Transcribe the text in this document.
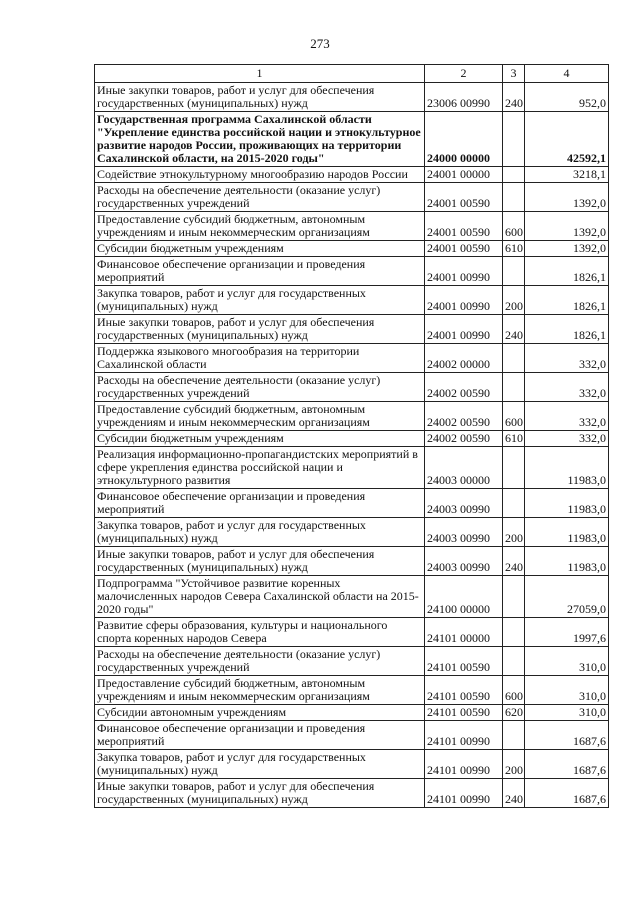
273
1	2	3	4
Иные закупки товаров, работ и услуг для обеспечения государственных (муниципальных) нужд	23006 00990	240	952,0
Государственная программа Сахалинской области "Укрепление единства российской нации и этнокультурное развитие народов России, проживающих на территории Сахалинской области, на 2015-2020 годы"	24000 00000		42592,1
Содействие этнокультурному многообразию народов России	24001 00000		3218,1
Расходы на обеспечение деятельности (оказание услуг) государственных учреждений	24001 00590		1392,0
Предоставление субсидий бюджетным, автономным учреждениям и иным некоммерческим организациям	24001 00590	600	1392,0
Субсидии бюджетным учреждениям	24001 00590	610	1392,0
Финансовое обеспечение организации и проведения мероприятий	24001 00990		1826,1
Закупка товаров, работ и услуг для государственных (муниципальных) нужд	24001 00990	200	1826,1
Иные закупки товаров, работ и услуг для обеспечения государственных (муниципальных) нужд	24001 00990	240	1826,1
Поддержка языкового многообразия на территории Сахалинской области	24002 00000		332,0
Расходы на обеспечение деятельности (оказание услуг) государственных учреждений	24002 00590		332,0
Предоставление субсидий бюджетным, автономным учреждениям и иным некоммерческим организациям	24002 00590	600	332,0
Субсидии бюджетным учреждениям	24002 00590	610	332,0
Реализация информационно-пропагандистских мероприятий в сфере укрепления единства российской нации и этнокультурного развития	24003 00000		11983,0
Финансовое обеспечение организации и проведения мероприятий	24003 00990		11983,0
Закупка товаров, работ и услуг для государственных (муниципальных) нужд	24003 00990	200	11983,0
Иные закупки товаров, работ и услуг для обеспечения государственных (муниципальных) нужд	24003 00990	240	11983,0
Подпрограмма "Устойчивое развитие коренных малочисленных народов Севера Сахалинской области на 2015-2020 годы"	24100 00000		27059,0
Развитие сферы образования, культуры и национального спорта коренных народов Севера	24101 00000		1997,6
Расходы на обеспечение деятельности (оказание услуг) государственных учреждений	24101 00590		310,0
Предоставление субсидий бюджетным, автономным учреждениям и иным некоммерческим организациям	24101 00590	600	310,0
Субсидии автономным учреждениям	24101 00590	620	310,0
Финансовое обеспечение организации и проведения мероприятий	24101 00990		1687,6
Закупка товаров, работ и услуг для государственных (муниципальных) нужд	24101 00990	200	1687,6
Иные закупки товаров, работ и услуг для обеспечения государственных (муниципальных) нужд	24101 00990	240	1687,6
